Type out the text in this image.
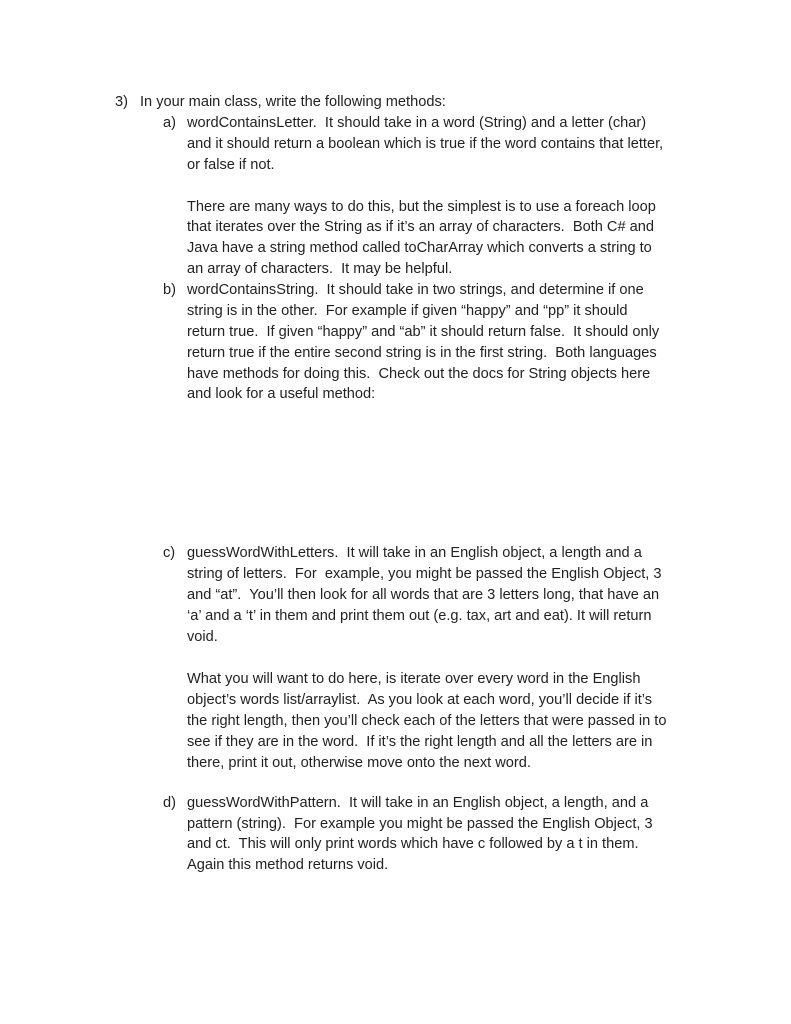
3) In your main class, write the following methods:
a) wordContainsLetter.  It should take in a word (String) and a letter (char)
and it should return a boolean which is true if the word contains that letter,
or false if not.
There are many ways to do this, but the simplest is to use a foreach loop
that iterates over the String as if it’s an array of characters.  Both C# and
Java have a string method called toCharArray which converts a string to
an array of characters.  It may be helpful.
b) wordContainsString.  It should take in two strings, and determine if one
string is in the other.  For example if given “happy” and “pp” it should
return true.  If given “happy” and “ab” it should return false.  It should only
return true if the entire second string is in the first string.  Both languages
have methods for doing this.  Check out the docs for String objects here
and look for a useful method:
c) guessWordWithLetters.  It will take in an English object, a length and a
string of letters.  For  example, you might be passed the English Object, 3
and “at”.  You’ll then look for all words that are 3 letters long, that have an
‘a’ and a ‘t’ in them and print them out (e.g. tax, art and eat). It will return
void.
What you will want to do here, is iterate over every word in the English
object’s words list/arraylist.  As you look at each word, you’ll decide if it’s
the right length, then you’ll check each of the letters that were passed in to
see if they are in the word.  If it’s the right length and all the letters are in
there, print it out, otherwise move onto the next word.
d) guessWordWithPattern.  It will take in an English object, a length, and a
pattern (string).  For example you might be passed the English Object, 3
and ct.  This will only print words which have c followed by a t in them.
Again this method returns void.
